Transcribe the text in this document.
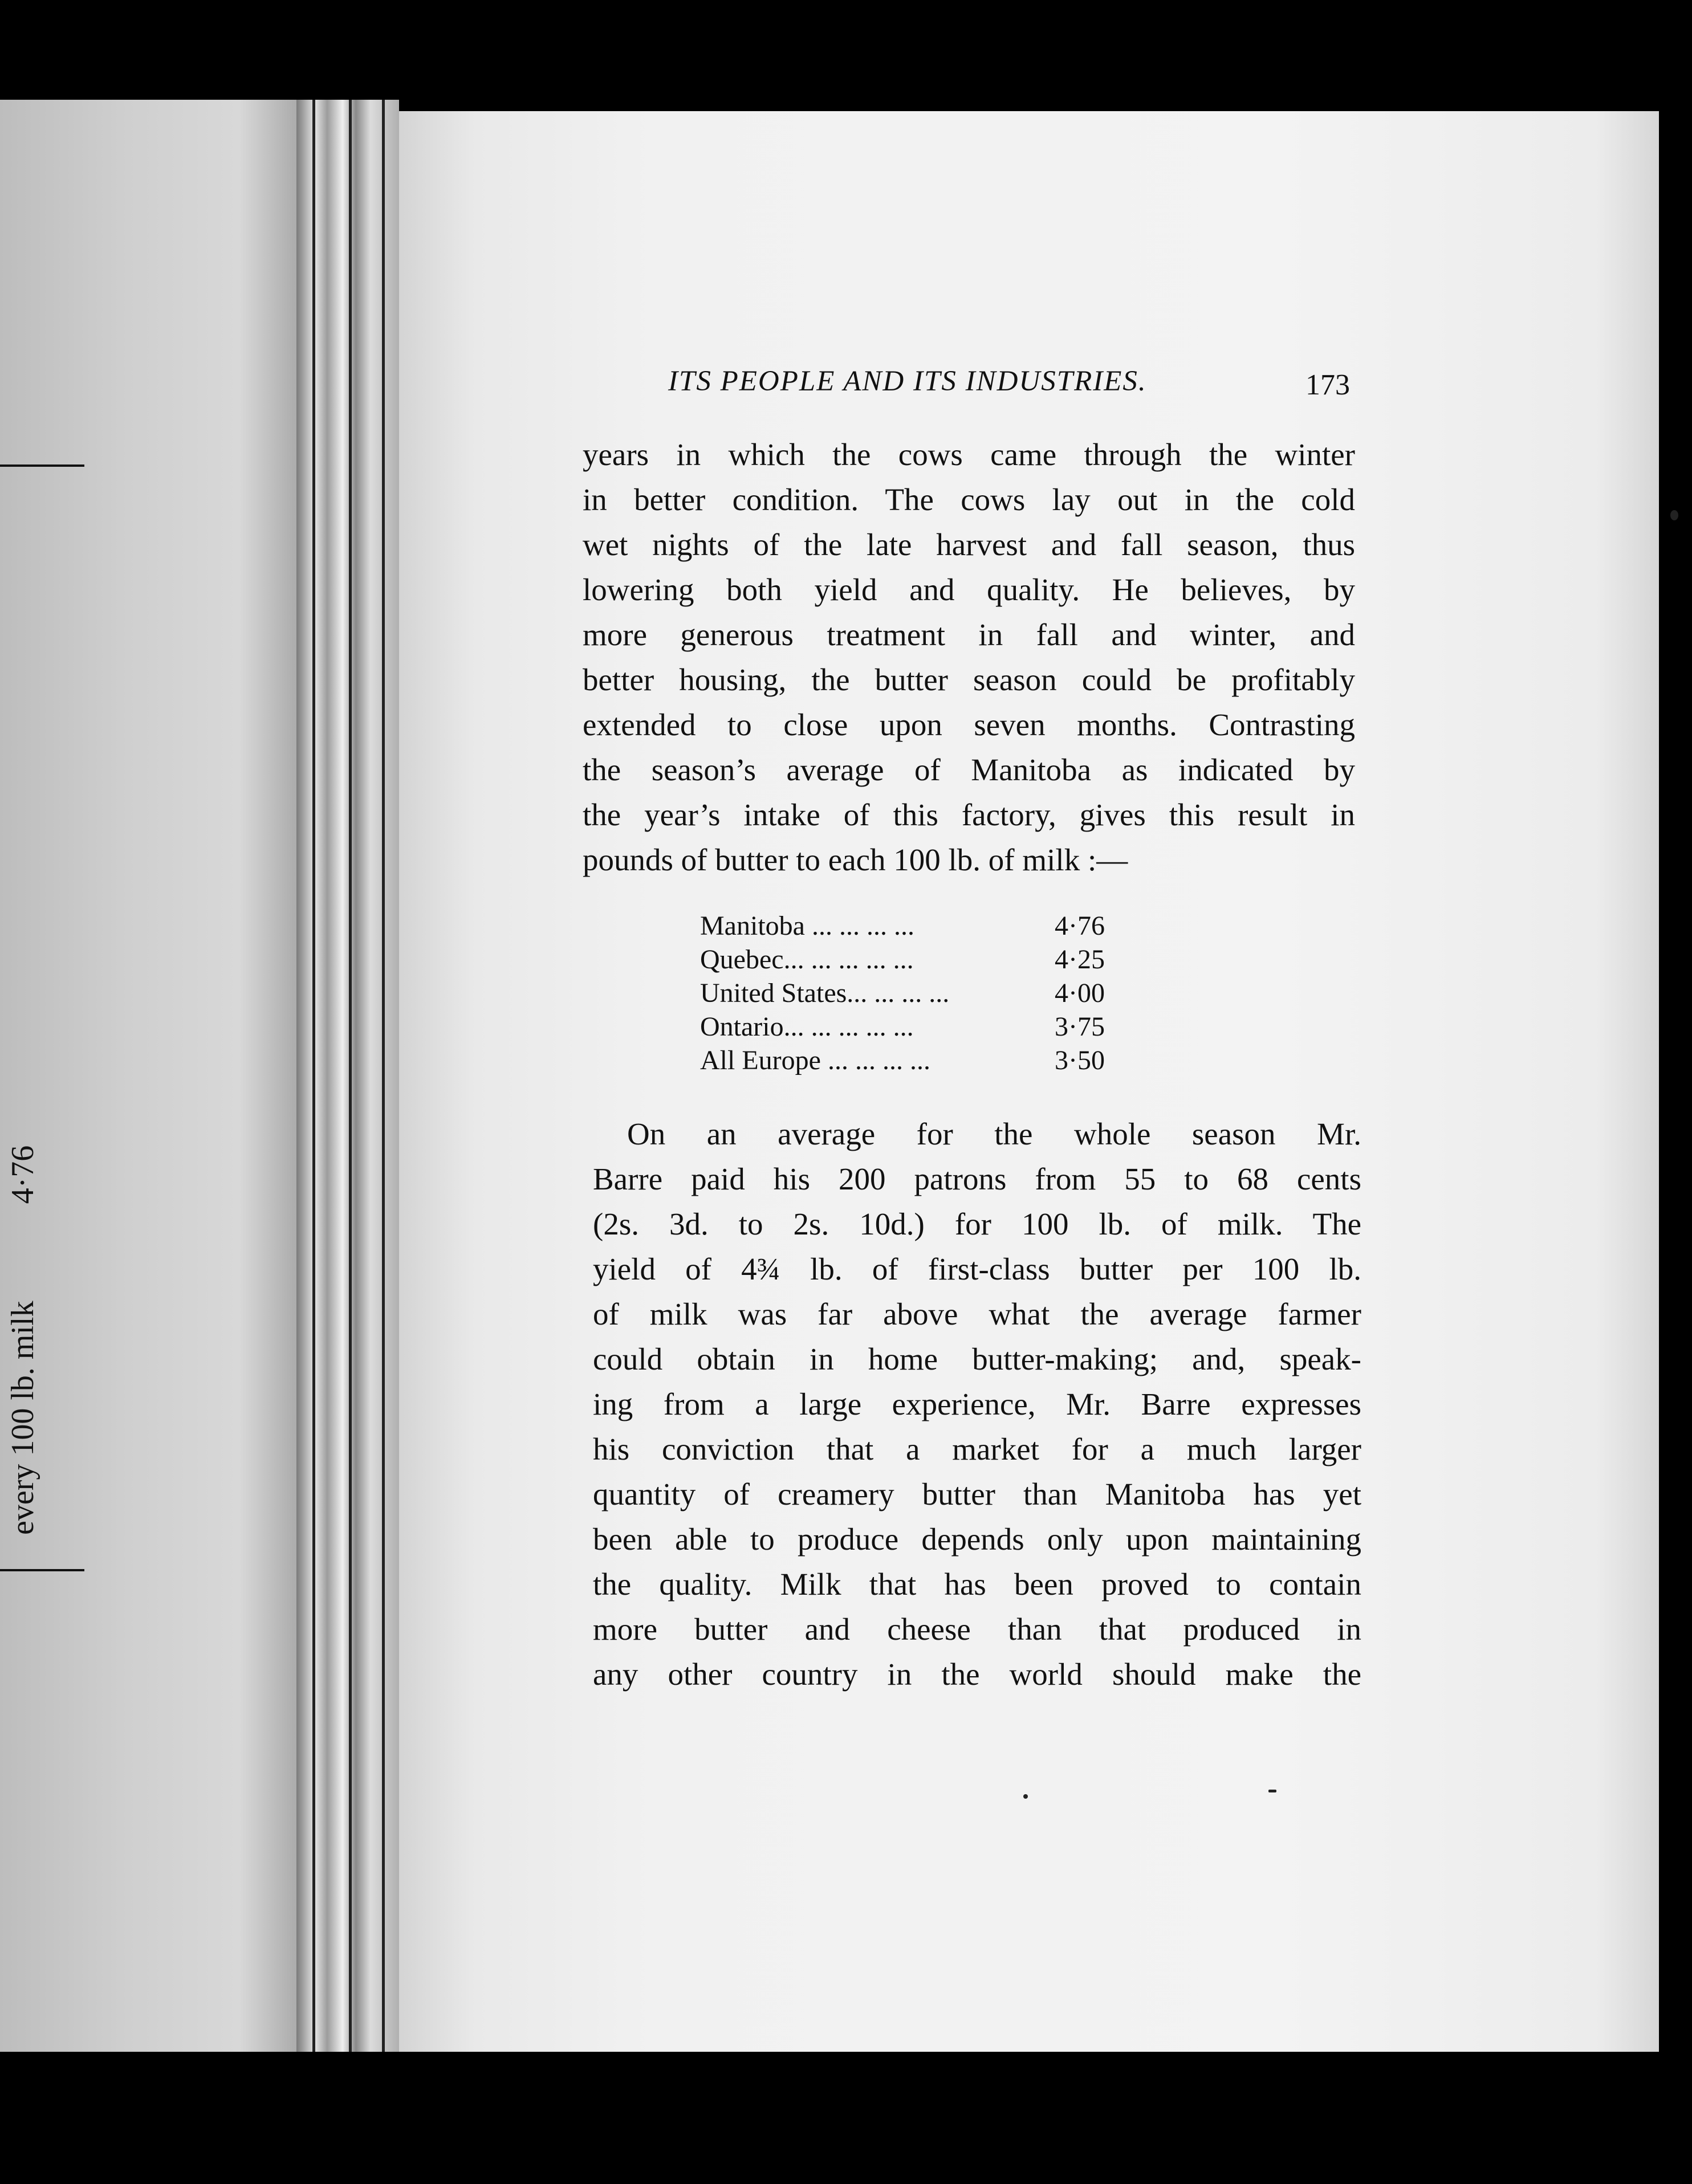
every 100 lb. milk4·76
ITS PEOPLE AND ITS INDUSTRIES.	173
years in which the cows came through the winter
in better condition. The cows lay out in the cold
wet nights of the late harvest and fall season, thus
lowering both yield and quality. He believes, by
more generous treatment in fall and winter, and
better housing, the butter season could be profitably
extended to close upon seven months. Contrasting
the season’s average of Manitoba as indicated by
the year’s intake of this factory, gives this result in
pounds of butter to each 100 lb. of milk :—
Manitoba ... ... ... ...	4·76
Quebec... ... ... ... ...	4·25
United States... ... ... ...	4·00
Ontario... ... ... ... ...	3·75
All Europe ... ... ... ...	3·50
On an average for the whole season Mr.
Barre paid his 200 patrons from 55 to 68 cents
(2s. 3d. to 2s. 10d.) for 100 lb. of milk. The
yield of 4¾ lb. of first-class butter per 100 lb.
of milk was far above what the average farmer
could obtain in home butter-making; and, speak-
ing from a large experience, Mr. Barre expresses
his conviction that a market for a much larger
quantity of creamery butter than Manitoba has yet
been able to produce depends only upon maintaining
the quality. Milk that has been proved to contain
more butter and cheese than that produced in
any other country in the world should make the
